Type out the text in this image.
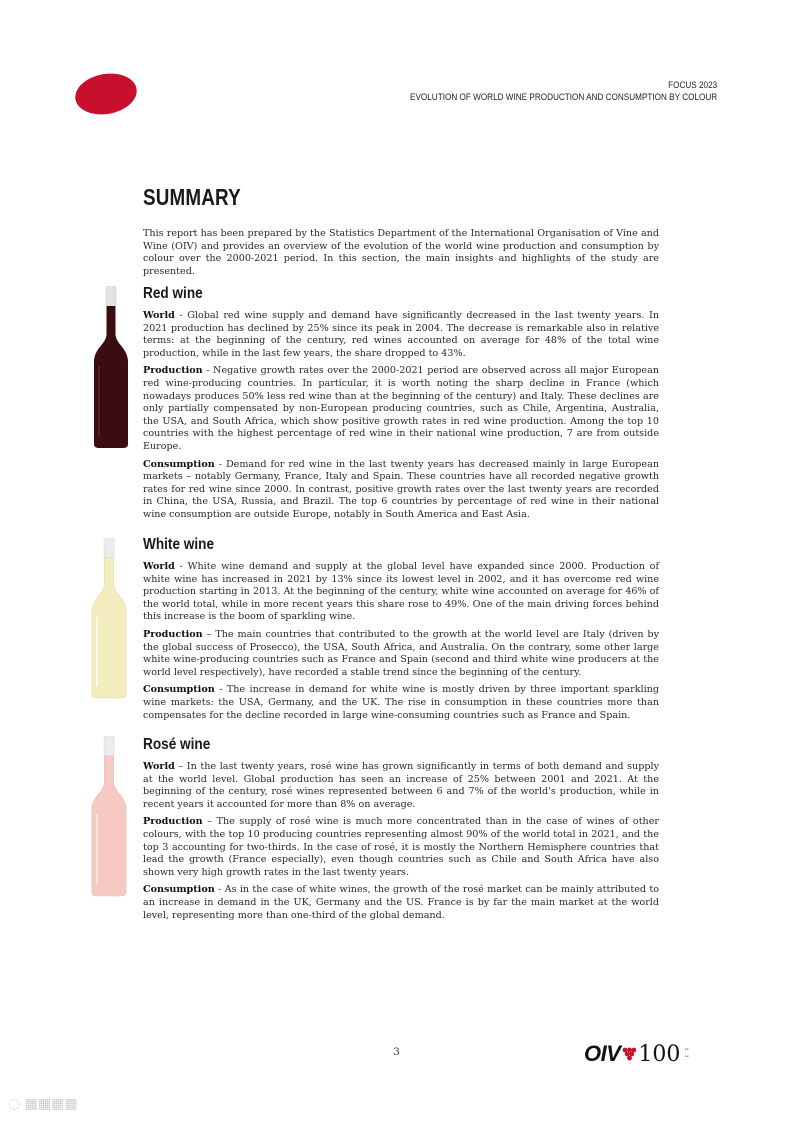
FOCUS 2023
EVOLUTION OF WORLD WINE PRODUCTION AND CONSUMPTION BY COLOUR
SUMMARY

This report has been prepared by the Statistics Department of the International Organisation of Vine and Wine (OIV) and provides an overview of the evolution of the world wine production and consumption by colour over the 2000-2021 period. In this section, the main insights and highlights of the study are presented.

Red wine

World - Global red wine supply and demand have significantly decreased in the last twenty years. In 2021 production has declined by 25% since its peak in 2004. The decrease is remarkable also in relative terms: at the beginning of the century, red wines accounted on average for 48% of the total wine production, while in the last few years, the share dropped to 43%.

Production - Negative growth rates over the 2000-2021 period are observed across all major European red wine-producing countries. In particular, it is worth noting the sharp decline in France (which nowadays produces 50% less red wine than at the beginning of the century) and Italy. These declines are only partially compensated by non-European producing countries, such as Chile, Argentina, Australia, the USA, and South Africa, which show positive growth rates in red wine production. Among the top 10 countries with the highest percentage of red wine in their national wine production, 7 are from outside Europe.

Consumption - Demand for red wine in the last twenty years has decreased mainly in large European markets – notably Germany, France, Italy and Spain. These countries have all recorded negative growth rates for red wine since 2000. In contrast, positive growth rates over the last twenty years are recorded in China, the USA, Russia, and Brazil. The top 6 countries by percentage of red wine in their national wine consumption are outside Europe, notably in South America and East Asia.

White wine

World - White wine demand and supply at the global level have expanded since 2000. Production of white wine has increased in 2021 by 13% since its lowest level in 2002, and it has overcome red wine production starting in 2013. At the beginning of the century, white wine accounted on average for 46% of the world total, while in more recent years this share rose to 49%. One of the main driving forces behind this increase is the boom of sparkling wine.

Production – The main countries that contributed to the growth at the world level are Italy (driven by the global success of Prosecco), the USA, South Africa, and Australia. On the contrary, some other large white wine-producing countries such as France and Spain (second and third white wine producers at the world level respectively), have recorded a stable trend since the beginning of the century.

Consumption - The increase in demand for white wine is mostly driven by three important sparkling wine markets: the USA, Germany, and the UK. The rise in consumption in these countries more than compensates for the decline recorded in large wine-consuming countries such as France and Spain.

Rosé wine

World – In the last twenty years, rosé wine has grown significantly in terms of both demand and supply at the world level. Global production has seen an increase of 25% between 2001 and 2021. At the beginning of the century, rosé wines represented between 6 and 7% of the world's production, while in recent years it accounted for more than 8% on average.

Production – The supply of rosé wine is much more concentrated than in the case of wines of other colours, with the top 10 producing countries representing almost 90% of the world total in 2021, and the top 3 accounting for two-thirds. In the case of rosé, it is mostly the Northern Hemisphere countries that lead the growth (France especially), even though countries such as Chile and South Africa have also shown very high growth rates in the last twenty years.

Consumption - As in the case of white wines, the growth of the rosé market can be mainly attributed to an increase in demand in the UK, Germany and the US. France is by far the main market at the world level, representing more than one-third of the global demand.

3	OIV 100 ▪▪
▪▪
◌ ▦▦▦▦
